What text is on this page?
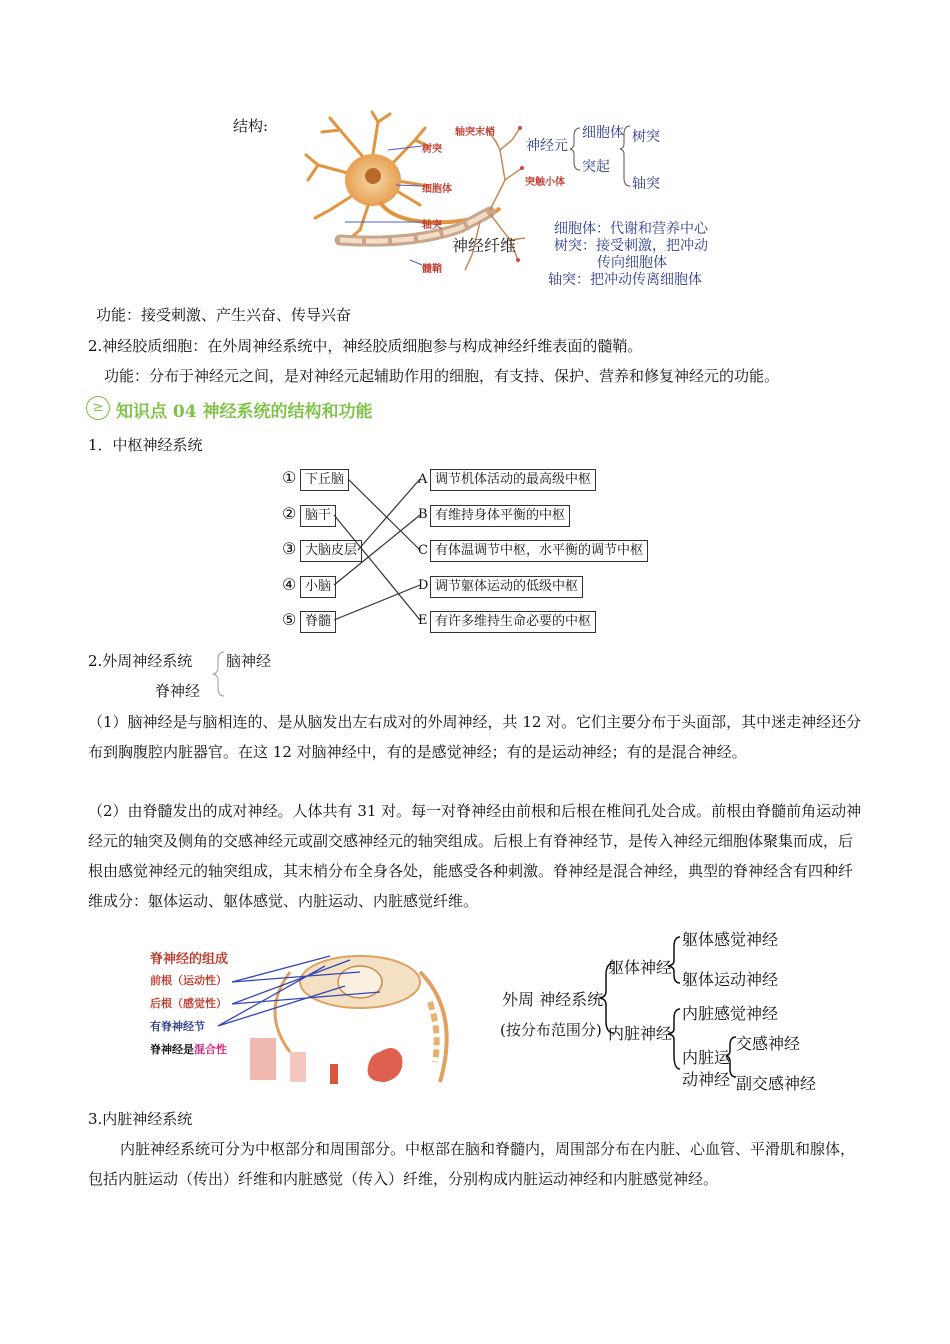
结构:
树突
细胞体
轴突
髓鞘
轴突末梢
突触小体
神经纤维
神经元
细胞体
突起
树突
轴突
细胞体：代谢和营养中心
树突：接受刺激，把冲动
传向细胞体
轴突：把冲动传离细胞体
功能：接受刺激、产生兴奋、传导兴奋
2.神经胶质细胞：在外周神经系统中，神经胶质细胞参与构成神经纤维表面的髓鞘。
功能：分布于神经元之间，是对神经元起辅助作用的细胞，有支持、保护、营养和修复神经元的功能。
≥ 知识点 04 神经系统的结构和功能
1．中枢神经系统
①
②
③
④
⑤
下丘脑
脑干
大脑皮层
小脑
脊髓
A
B
C
D
E
调节机体活动的最高级中枢
有维持身体平衡的中枢
有体温调节中枢，水平衡的调节中枢
调节躯体运动的低级中枢
有许多维持生命必要的中枢
2.外周神经系统 脑神经
脊神经
（1）脑神经是与脑相连的、是从脑发出左右成对的外周神经，共 12 对。它们主要分布于头面部，其中迷走神经还分布到胸腹腔内脏器官。在这 12 对脑神经中，有的是感觉神经；有的是运动神经；有的是混合神经。
（2）由脊髓发出的成对神经。人体共有 31 对。每一对脊神经由前根和后根在椎间孔处合成。前根由脊髓前角运动神经元的轴突及侧角的交感神经元或副交感神经元的轴突组成。后根上有脊神经节，是传入神经元细胞体聚集而成，后根由感觉神经元的轴突组成，其末梢分布全身各处，能感受各种刺激。脊神经是混合神经，典型的脊神经含有四种纤维成分：躯体运动、躯体感觉、内脏运动、内脏感觉纤维。
脊神经的组成
前根（运动性）
后根（感觉性）
有脊神经节
脊神经是混合性
外周 神经系统
(按分布范围分)
躯体神经
躯体感觉神经
躯体运动神经
内脏神经
内脏感觉神经
内脏运
动神经
交感神经
副交感神经
3.内脏神经系统
内脏神经系统可分为中枢部分和周围部分。中枢部在脑和脊髓内，周围部分布在内脏、心血管、平滑肌和腺体，包括内脏运动（传出）纤维和内脏感觉（传入）纤维，分别构成内脏运动神经和内脏感觉神经。
